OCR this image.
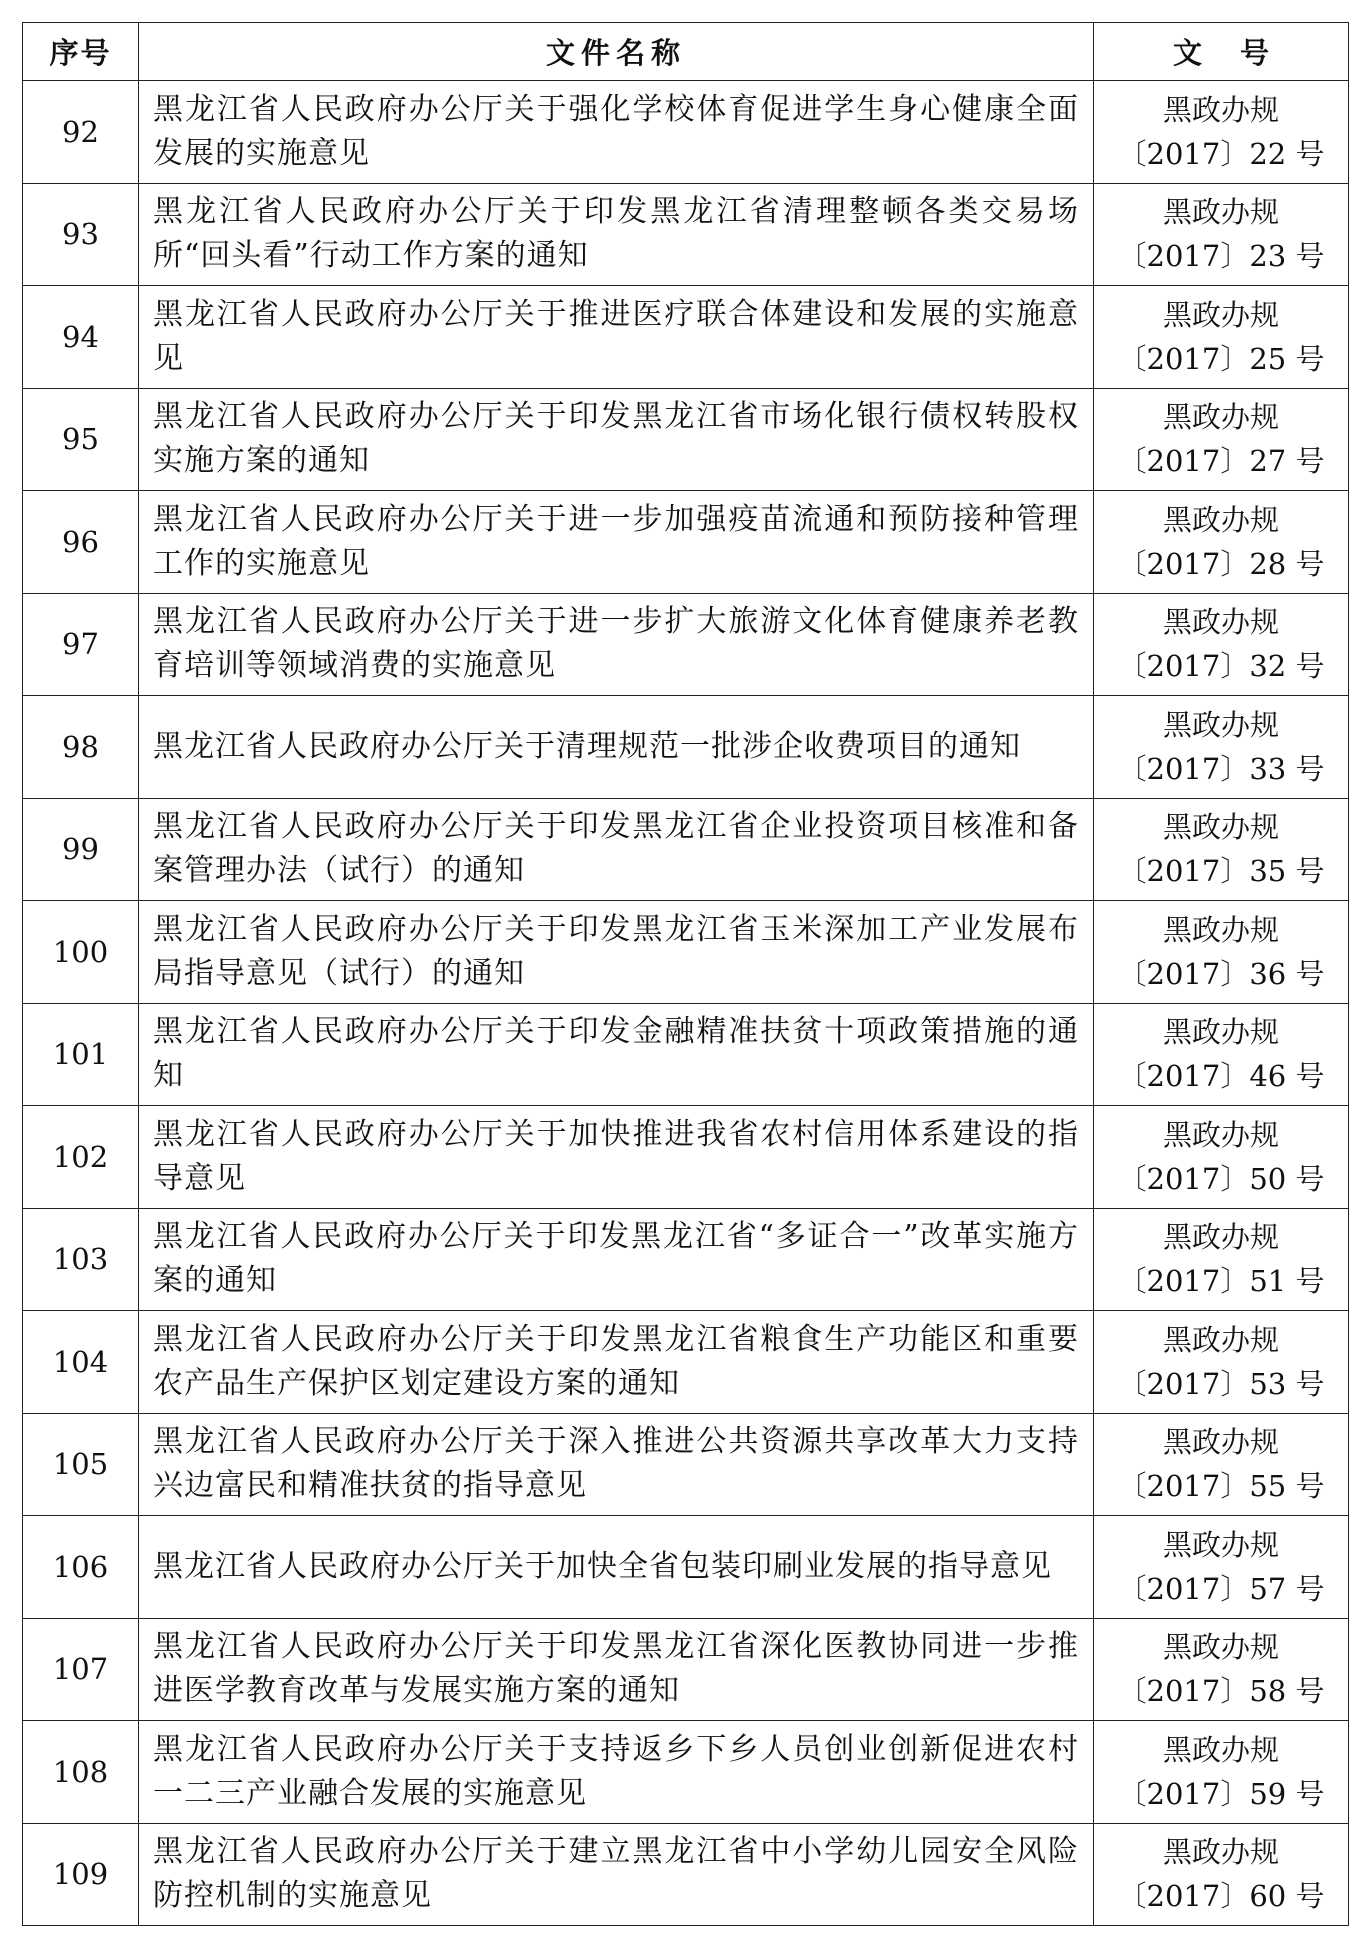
序号	文件名称	文号
92	黑龙江省人民政府办公厅关于强化学校体育促进学生身心健康全面发展的实施意见	黑政办规
〔2017〕22 号

93	黑龙江省人民政府办公厅关于印发黑龙江省清理整顿各类交易场所“回头看”行动工作方案的通知	黑政办规
〔2017〕23 号

94	黑龙江省人民政府办公厅关于推进医疗联合体建设和发展的实施意见	黑政办规
〔2017〕25 号

95	黑龙江省人民政府办公厅关于印发黑龙江省市场化银行债权转股权实施方案的通知	黑政办规
〔2017〕27 号

96	黑龙江省人民政府办公厅关于进一步加强疫苗流通和预防接种管理工作的实施意见	黑政办规
〔2017〕28 号

97	黑龙江省人民政府办公厅关于进一步扩大旅游文化体育健康养老教育培训等领域消费的实施意见	黑政办规
〔2017〕32 号

98	黑龙江省人民政府办公厅关于清理规范一批涉企收费项目的通知	黑政办规
〔2017〕33 号

99	黑龙江省人民政府办公厅关于印发黑龙江省企业投资项目核准和备案管理办法（试行）的通知	黑政办规
〔2017〕35 号

100	黑龙江省人民政府办公厅关于印发黑龙江省玉米深加工产业发展布局指导意见（试行）的通知	黑政办规
〔2017〕36 号

101	黑龙江省人民政府办公厅关于印发金融精准扶贫十项政策措施的通知	黑政办规
〔2017〕46 号

102	黑龙江省人民政府办公厅关于加快推进我省农村信用体系建设的指导意见	黑政办规
〔2017〕50 号

103	黑龙江省人民政府办公厅关于印发黑龙江省“多证合一”改革实施方案的通知	黑政办规
〔2017〕51 号

104	黑龙江省人民政府办公厅关于印发黑龙江省粮食生产功能区和重要农产品生产保护区划定建设方案的通知	黑政办规
〔2017〕53 号

105	黑龙江省人民政府办公厅关于深入推进公共资源共享改革大力支持兴边富民和精准扶贫的指导意见	黑政办规
〔2017〕55 号

106	黑龙江省人民政府办公厅关于加快全省包装印刷业发展的指导意见	黑政办规
〔2017〕57 号

107	黑龙江省人民政府办公厅关于印发黑龙江省深化医教协同进一步推进医学教育改革与发展实施方案的通知	黑政办规
〔2017〕58 号

108	黑龙江省人民政府办公厅关于支持返乡下乡人员创业创新促进农村一二三产业融合发展的实施意见	黑政办规
〔2017〕59 号

109	黑龙江省人民政府办公厅关于建立黑龙江省中小学幼儿园安全风险防控机制的实施意见	黑政办规
〔2017〕60 号
